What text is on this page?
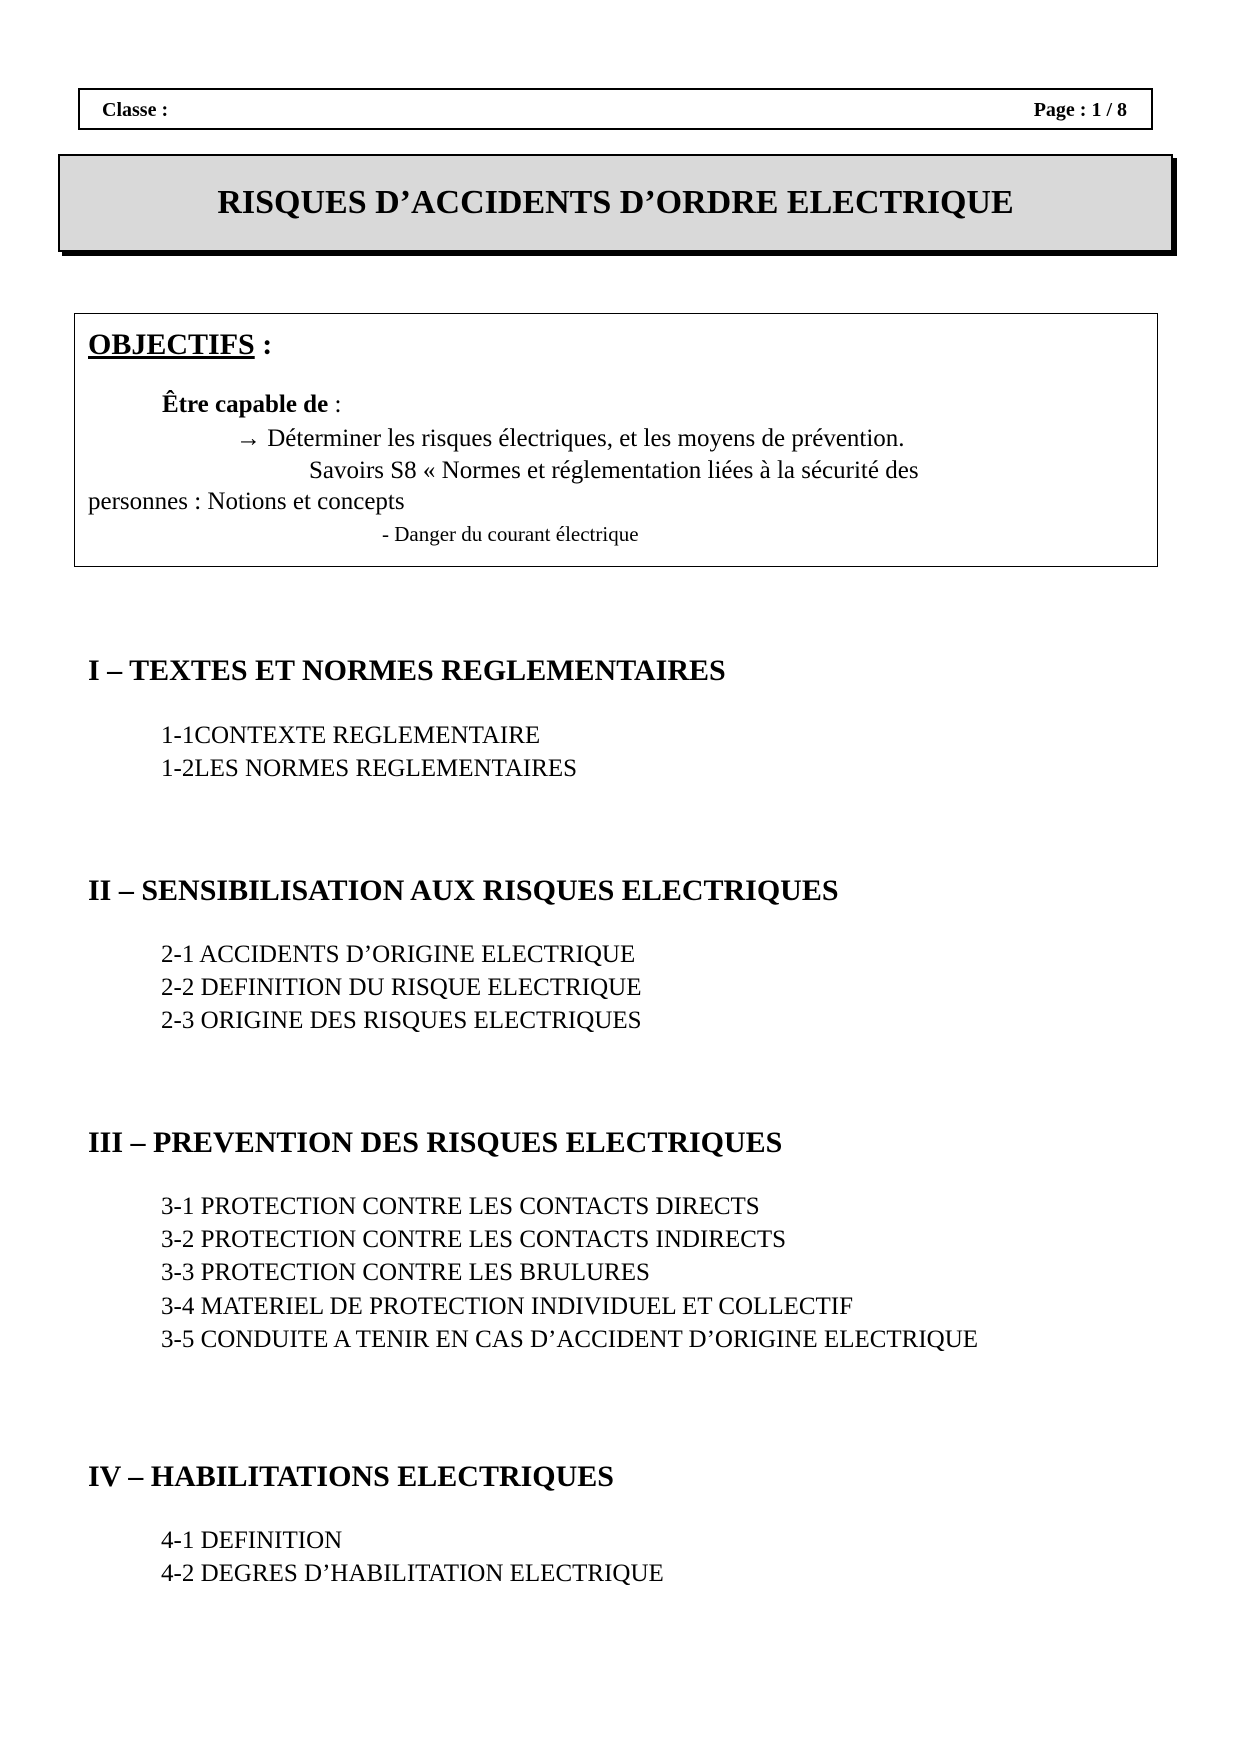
Classe :	Page : 1 / 8
RISQUES D’ACCIDENTS D’ORDRE ELECTRIQUE
OBJECTIFS :
Être capable de :
→ Déterminer les risques électriques, et les moyens de prévention.
Savoirs S8 « Normes et réglementation liées à la sécurité des
personnes : Notions et concepts
- Danger du courant électrique
I – TEXTES ET NORMES REGLEMENTAIRES
1-1CONTEXTE REGLEMENTAIRE
1-2LES NORMES REGLEMENTAIRES
II – SENSIBILISATION AUX RISQUES ELECTRIQUES
2-1 ACCIDENTS D’ORIGINE ELECTRIQUE
2-2 DEFINITION DU RISQUE ELECTRIQUE
2-3 ORIGINE DES RISQUES ELECTRIQUES
III – PREVENTION DES RISQUES ELECTRIQUES
3-1 PROTECTION CONTRE LES CONTACTS DIRECTS
3-2 PROTECTION CONTRE LES CONTACTS INDIRECTS
3-3 PROTECTION CONTRE LES BRULURES
3-4 MATERIEL DE PROTECTION INDIVIDUEL ET COLLECTIF
3-5 CONDUITE A TENIR EN CAS D’ACCIDENT D’ORIGINE ELECTRIQUE
IV – HABILITATIONS ELECTRIQUES
4-1 DEFINITION
4-2 DEGRES D’HABILITATION ELECTRIQUE
